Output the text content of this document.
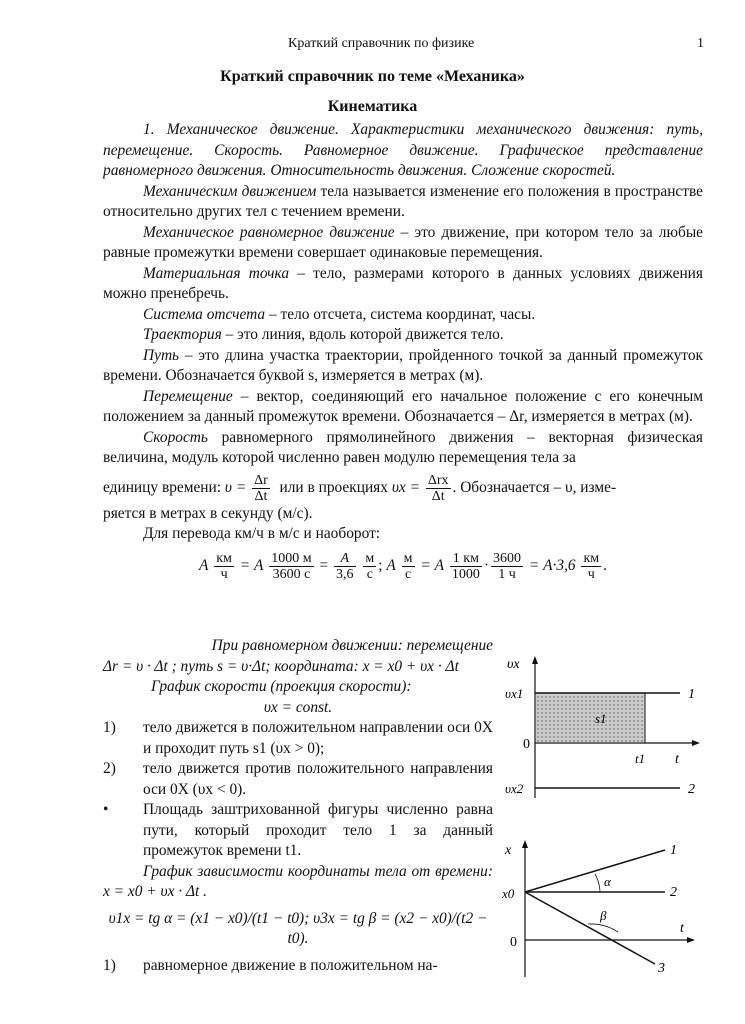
Краткий справочник по физике	1
Краткий справочник по теме «Механика»
Кинематика

1. Механическое движение. Характеристики механического движения: путь, перемещение. Скорость. Равномерное движение. Графическое представление равномерного движения. Относительность движения. Сложение скоростей.

Механическим движением тела называется изменение его положения в пространстве относительно других тел с течением времени.

Механическое равномерное движение – это движение, при котором тело за любые равные промежутки времени совершает одинаковые перемещения.

Материальная точка – тело, размерами которого в данных условиях движения можно пренебречь.

Система отсчета – тело отсчета, система координат, часы.

Траектория – это линия, вдоль которой движется тело.

Путь – это длина участка траектории, пройденного точкой за данный промежуток времени. Обозначается буквой s, измеряется в метрах (м).

Перемещение – вектор, соединяющий его начальное положение с его конечным положением за данный промежуток времени. Обозначается – Δr, измеряется в метрах (м).

Скорость равномерного прямолинейного движения – векторная физическая величина, модуль которой численно равен модулю перемещения тела за

единицу времени: $\upsilon = \frac{\Delta r}{\Delta t}$ или в проекциях $\upsilon x = \frac{\text{Δrx}}{\Delta t}$ . Обозначается – υ, изме-

ряется в метрах в секунду (м/с).

Для перевода км/ч в м/с и наоборот:

А $\frac{км}{ч} = А \frac{1000 м}{3600 с} = \frac{А}{3,6}$
$\frac{м}{с}$ ; А $\frac{м}{с} = А \frac{1 км}{1000} \cdot \frac{3600}{1 ч} = А\cdot 3,6 \frac{км}{ч}$ .

При равномерном движении: перемещение

Δr = υ · Δt ; путь s = υ·Δt; координата: x = x0 + υx · Δt

График скорости (проекция скорости):

υx = const.

1) тело движется в положительном направлении оси 0X и проходит путь s1 (υx > 0);
2) тело движется против положительного направления оси 0X (υx < 0).
• Площадь заштрихованной фигуры численно равна пути, который проходит тело 1 за данный промежуток времени t1.

График зависимости координаты тела от времени: x = x0 + υx · Δt .

υ1x = tg α = (x1 − x0)/(t1 − t0); υ3x = tg β = (x2 − x0)/(t2 − t0).

1) равномерное движение в положительном на-
υx
υx1
υx2
0
t1 t
s1
1
2
x
x0
0
t
α
β
1
2
3
